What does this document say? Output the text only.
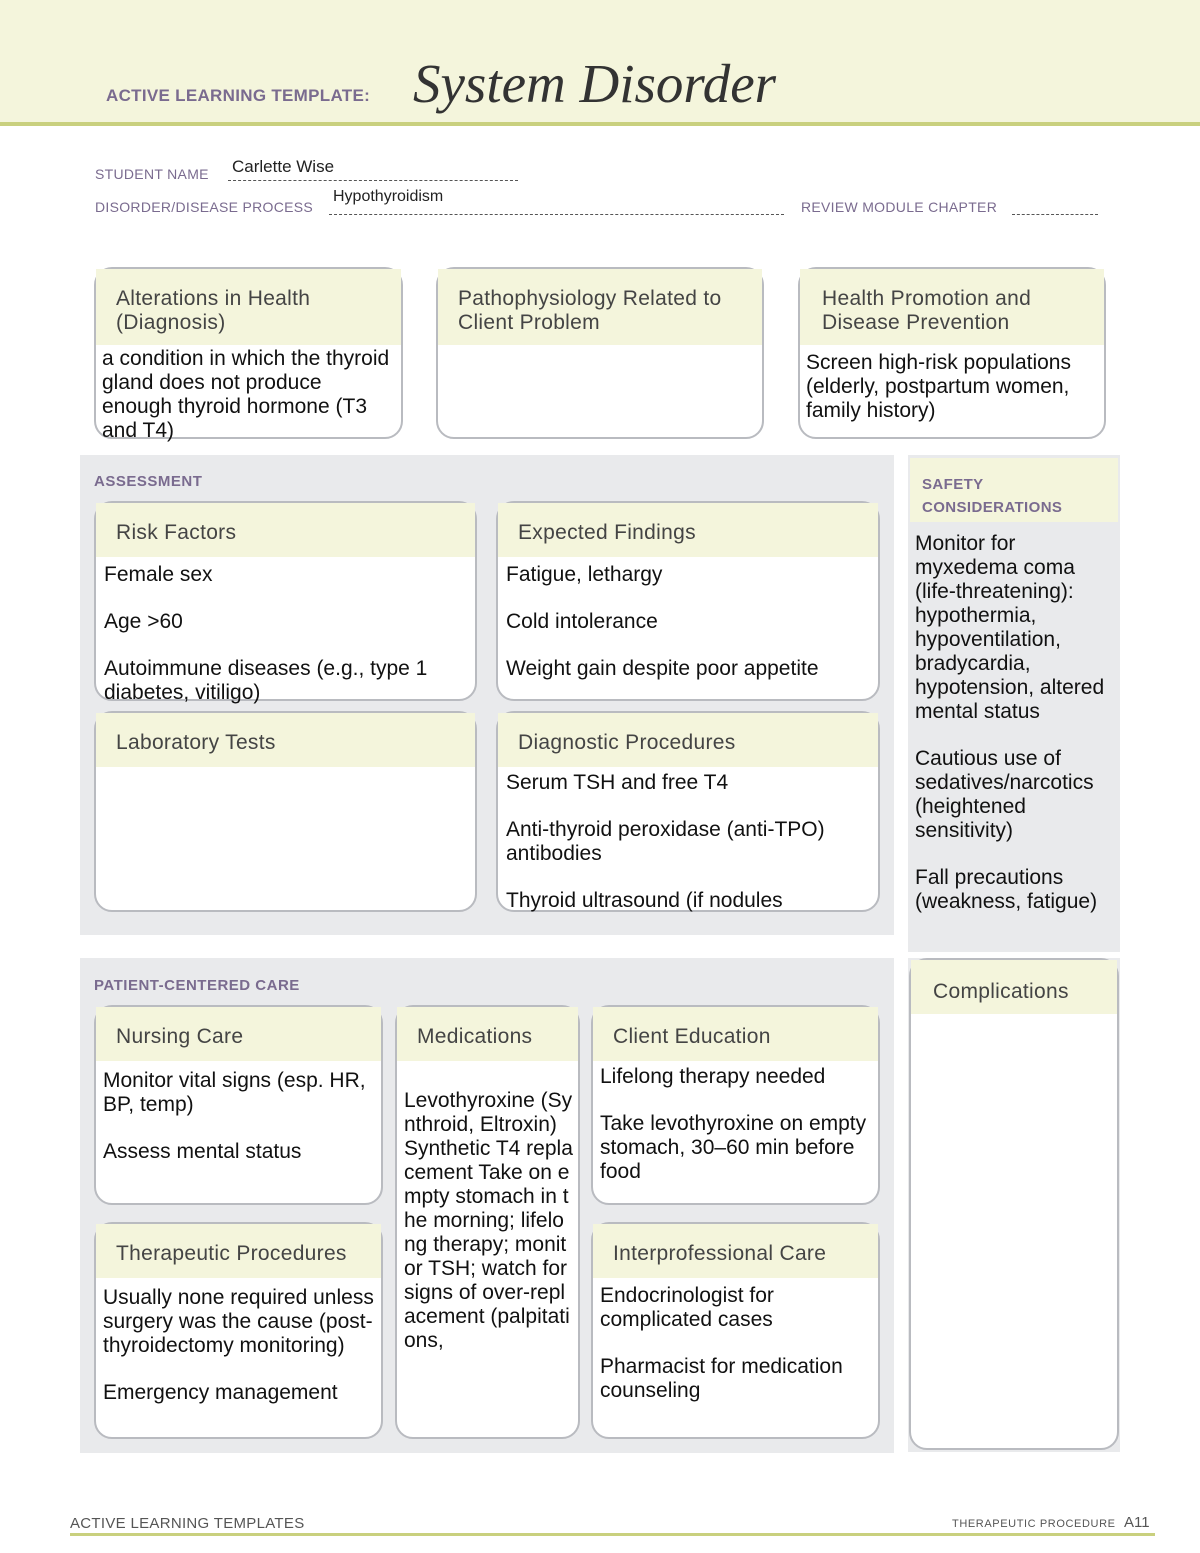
ACTIVE LEARNING TEMPLATE: System Disorder
STUDENT NAME Carlette Wise
DISORDER/DISEASE PROCESS
Hypothyroidism
REVIEW MODULE CHAPTER
Alterations in Health (Diagnosis)
a condition in which the thyroid gland does not produce enough thyroid hormone (T3 and T4)
Pathophysiology Related to Client Problem
Health Promotion and Disease Prevention
Screen high-risk populations (elderly, postpartum women, family history)
ASSESSMENT
Risk Factors

Female sex

Age >60

Autoimmune diseases (e.g., type 1 diabetes, vitiligo)

Expected Findings

Fatigue, lethargy

Cold intolerance

Weight gain despite poor appetite

Laboratory Tests	Diagnostic Procedures

Serum TSH and free T4

Anti-thyroid peroxidase (anti-TPO) antibodies

Thyroid ultrasound (if nodules

SAFETY
CONSIDERATIONS

Monitor for myxedema coma (life-threatening): hypothermia, hypoventilation, bradycardia, hypotension, altered mental status

Cautious use of sedatives/narcotics (heightened sensitivity)

Fall precautions (weakness, fatigue)

Complications
PATIENT-CENTERED CARE
Nursing Care

Monitor vital signs (esp. HR, BP, temp)

Assess mental status

Medications
Levothyroxine (Synthroid, Eltroxin) Synthetic T4 replacement Take on empty stomach in the morning; lifelong therapy; monitor TSH; watch for signs of over-replacement (palpitations,
Client Education

Lifelong therapy needed

Take levothyroxine on empty stomach, 30–60 min before food

Therapeutic Procedures

Usually none required unless surgery was the cause (post-thyroidectomy monitoring)

Emergency management

Interprofessional Care

Endocrinologist for complicated cases

Pharmacist for medication counseling

ACTIVE LEARNING TEMPLATES	THERAPEUTIC PROCEDURE A11
